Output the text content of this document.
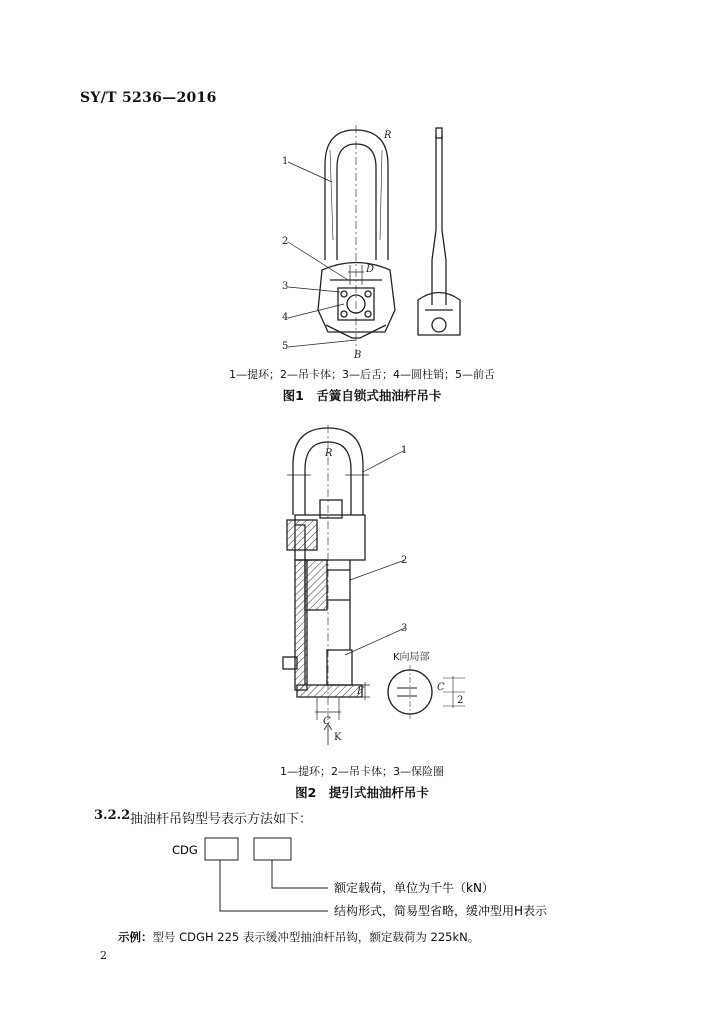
SY/T 5236—2016
1
2
3
4
5
R
D
B
1—提环；2—吊卡体；3—后舌；4—圆柱销；5—前舌
图1　舌簧自锁式抽油杆吊卡
1
2
3
R
F
C
K
K向局部
C
2
1—提环；2—吊卡体；3—保险圈
图2　提引式抽油杆吊卡
3.2.2 抽油杆吊钩型号表示方法如下：
CDG
额定载荷，单位为千牛（kN）
结构形式，简易型省略，缓冲型用H表示
示例：型号 CDGH 225 表示缓冲型抽油杆吊钩，额定载荷为 225kN。
2
